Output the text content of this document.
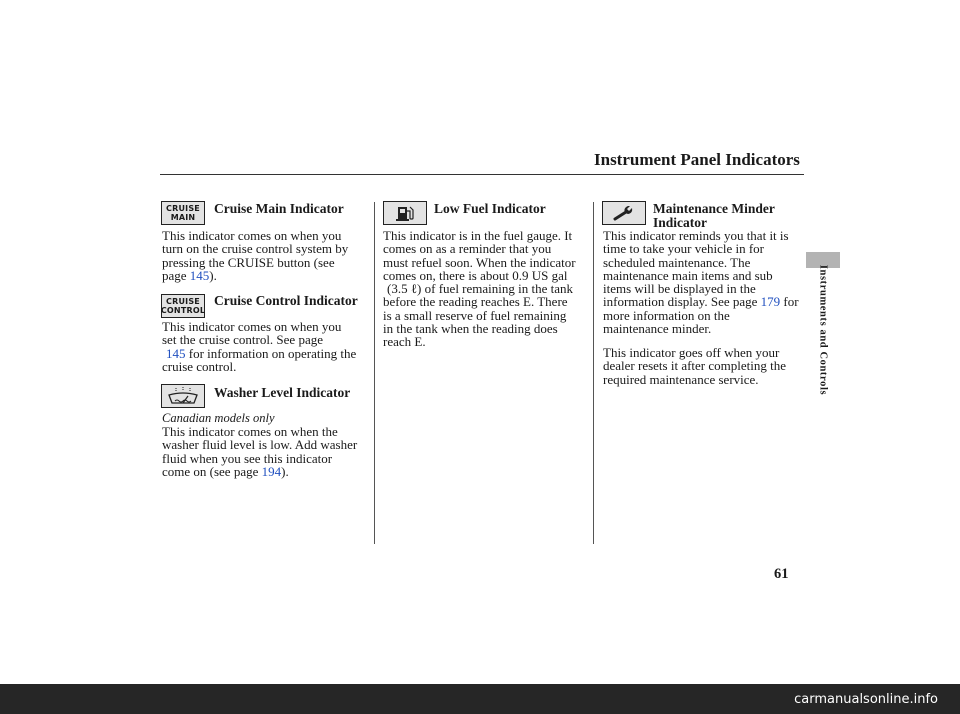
Instrument Panel Indicators
Instruments and Controls
CRUISE
MAIN
Cruise Main Indicator
This indicator comes on when you
turn on the cruise control system by
pressing the CRUISE button (see
page 145).
CRUISE
CONTROL
Cruise Control Indicator
This indicator comes on when you
set the cruise control. See page
145 for information on operating the
cruise control.
Washer Level Indicator
Canadian models only
This indicator comes on when the
washer fluid level is low. Add washer
fluid when you see this indicator
come on (see page 194).
Low Fuel Indicator
This indicator is in the fuel gauge. It
comes on as a reminder that you
must refuel soon. When the indicator
comes on, there is about 0.9 US gal
(3.5 ℓ) of fuel remaining in the tank
before the reading reaches E. There
is a small reserve of fuel remaining
in the tank when the reading does
reach E.
Maintenance Minder
Indicator
This indicator reminds you that it is
time to take your vehicle in for
scheduled maintenance. The
maintenance main items and sub
items will be displayed in the
information display. See page 179 for
more information on the
maintenance minder.
This indicator goes off when your
dealer resets it after completing the
required maintenance service.
61
carmanualsonline.info
